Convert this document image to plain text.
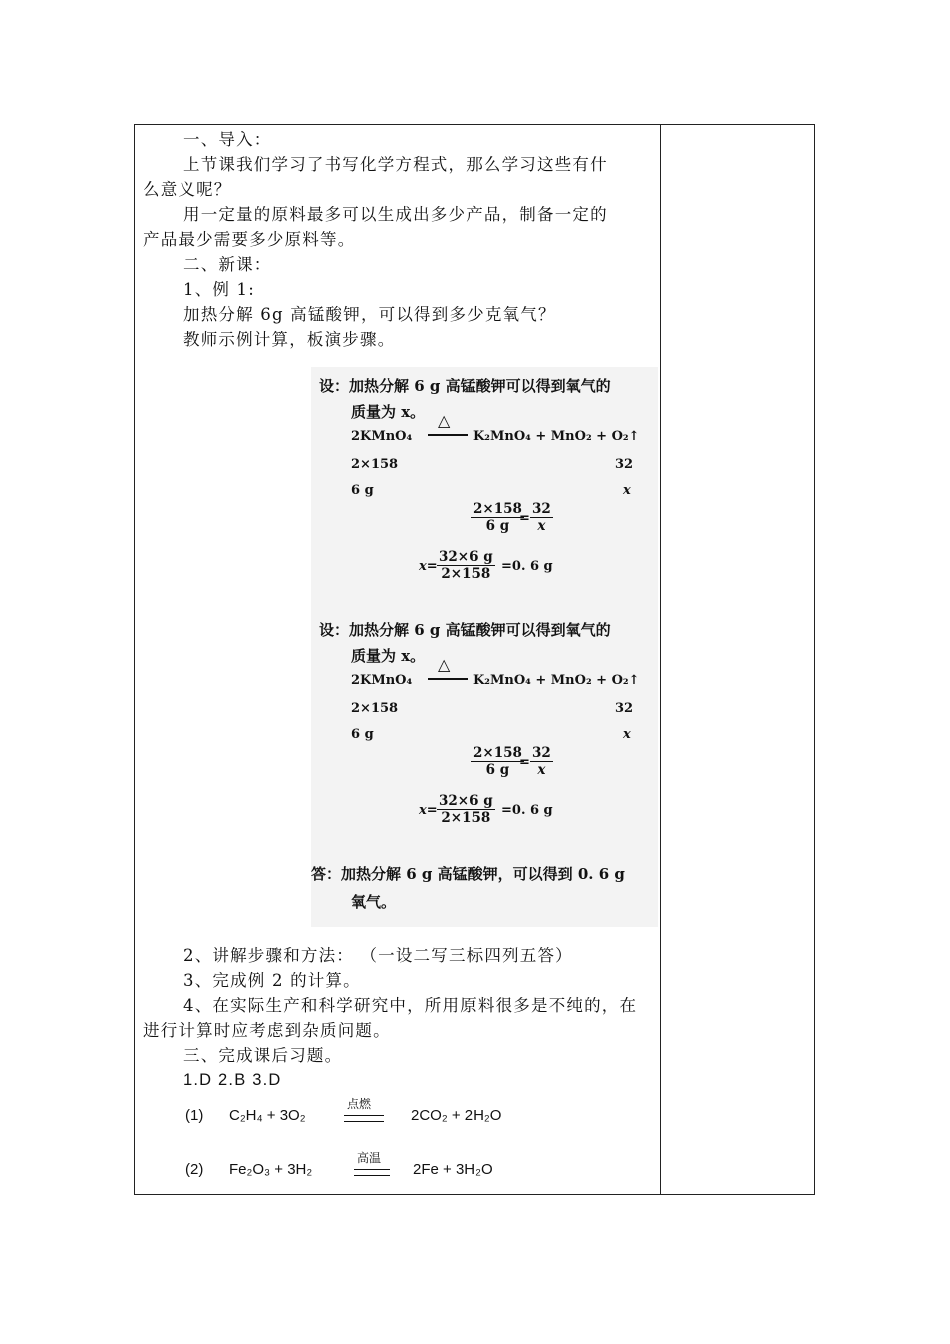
一、导入：
上节课我们学习了书写化学方程式，那么学习这些有什
么意义呢？
用一定量的原料最多可以生成出多少产品，制备一定的
产品最少需要多少原料等。
二、新课：
1、例 1:
加热分解 6g 高锰酸钾，可以得到多少克氧气？
教师示例计算，板演步骤。
设：加热分解 6 g 高锰酸钾可以得到氧气的
质量为 x。
2KMnO₄
△
K₂MnO₄ + MnO₂ + O₂↑
2×158	32
6 g	x
$\frac{2\times 158}{6 g}$
= $\frac{32}{x}$
$x= \frac{32\times 6 g}{2\times 158} =0$. 6 g
设：加热分解 6 g 高锰酸钾可以得到氧气的
质量为 x。
2KMnO₄
△
K₂MnO₄ + MnO₂ + O₂↑
2×158	32
6 g	x
$\frac{2\times 158}{6 g}$
= $\frac{32}{x}$
$x= \frac{32\times 6 g}{2\times 158} =0$. 6 g
答：加热分解 6 g 高锰酸钾，可以得到 0. 6 g
氧气。
2、讲解步骤和方法： （一设二写三标四列五答）
3、完成例 2 的计算。
4、在实际生产和科学研究中，所用原料很多是不纯的，在
进行计算时应考虑到杂质问题。
三、完成课后习题。
1.D 2.B 3.D
(1) C₂H₄ + 3O₂
点燃
2CO₂ + 2H₂O
(2) Fe₂O₃ + 3H₂
高温
2Fe + 3H₂O
